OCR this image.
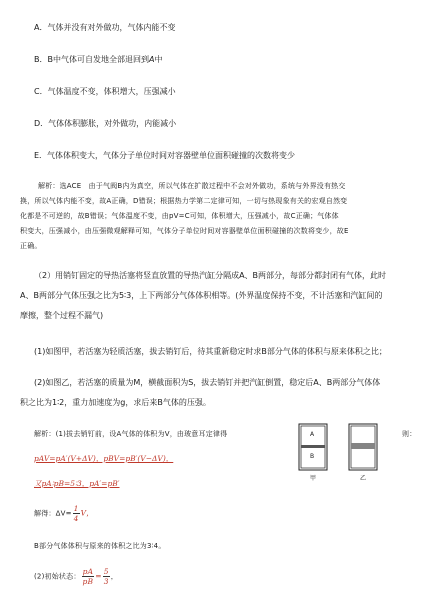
A．气体并没有对外做功，气体内能不变
B．B中气体可自发地全部退回到A中
C．气体温度不变，体积增大，压强减小
D．气体体积膨胀，对外做功，内能减小
E．气体体积变大，气体分子单位时间对容器壁单位面积碰撞的次数将变少
解析：选ACE　由于气阀B内为真空，所以气体在扩散过程中不会对外做功，系统与外界没有热交
换，所以气体内能不变，故A正确，D错误；根据热力学第二定律可知，一切与热现象有关的宏观自然变
化都是不可逆的，故B错误；气体温度不变，由pV=C可知，体积增大，压强减小，故C正确；气体体
积变大，压强减小，由压强微观解释可知，气体分子单位时间对容器壁单位面积碰撞的次数将变少，故E
正确。
（2）用销钉固定的导热活塞将竖直放置的导热汽缸分隔成A、B两部分，每部分都封闭有气体，此时
A、B两部分气体压强之比为5∶3，上下两部分气体体积相等。(外界温度保持不变，不计活塞和汽缸间的
摩擦，整个过程不漏气)
(1)如图甲，若活塞为轻质活塞，拔去销钉后，待其重新稳定时求B部分气体的体积与原来体积之比；
(2)如图乙，若活塞的质量为M，横截面积为S，拔去销钉并把汽缸倒置，稳定后A、B两部分气体体
积之比为1∶2，重力加速度为g，求后来B气体的压强。
解析：(1)拔去销钉前，设A气体的体积为V，由玻意耳定律得	则：
pAV=pA′(V+ΔV)，pBV=pB′(V−ΔV)，
又pA∶pB=5∶3，pA′=pB′
解得：$\Delta V= \frac{1}{4}$ V，
B部分气体体积与原来的体积之比为3∶4。
(2)初始状态： $\frac{pA}{pB} = \frac{5}{3}$ ，
A
B
甲	乙
